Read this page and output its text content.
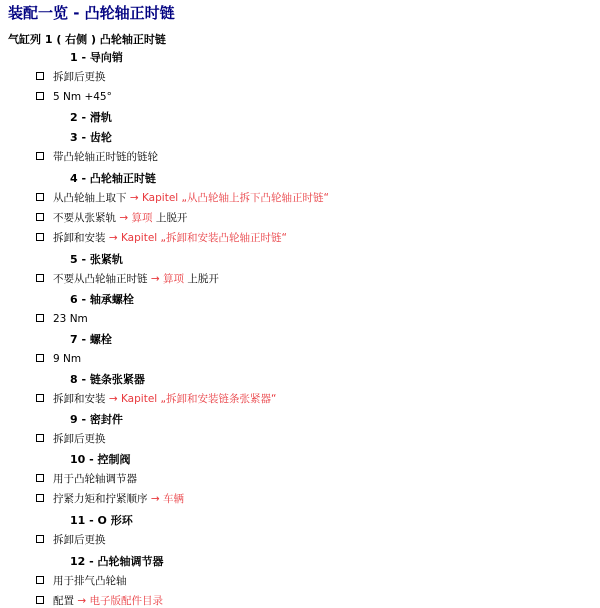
装配一览 - 凸轮轴正时链
气缸列 1 ( 右侧 ) 凸轮轴正时链
1 - 导向销
拆卸后更换
5 Nm +45°
2 - 滑轨
3 - 齿轮
带凸轮轴正时链的链轮
4 - 凸轮轴正时链
从凸轮轴上取下 → Kapitel „从凸轮轴上拆下凸轮轴正时链“
不要从张紧轨 → 算项 上脱开
拆卸和安装 → Kapitel „拆卸和安装凸轮轴正时链“
5 - 张紧轨
不要从凸轮轴正时链 → 算项 上脱开
6 - 轴承螺栓
23 Nm
7 - 螺栓
9 Nm
8 - 链条张紧器
拆卸和安装 → Kapitel „拆卸和安装链条张紧器“
9 - 密封件
拆卸后更换
10 - 控制阀
用于凸轮轴调节器
拧紧力矩和拧紧顺序 → 车辆
11 - O 形环
拆卸后更换
12 - 凸轮轴调节器
用于排气凸轮轴
配置 → 电子版配件目录
